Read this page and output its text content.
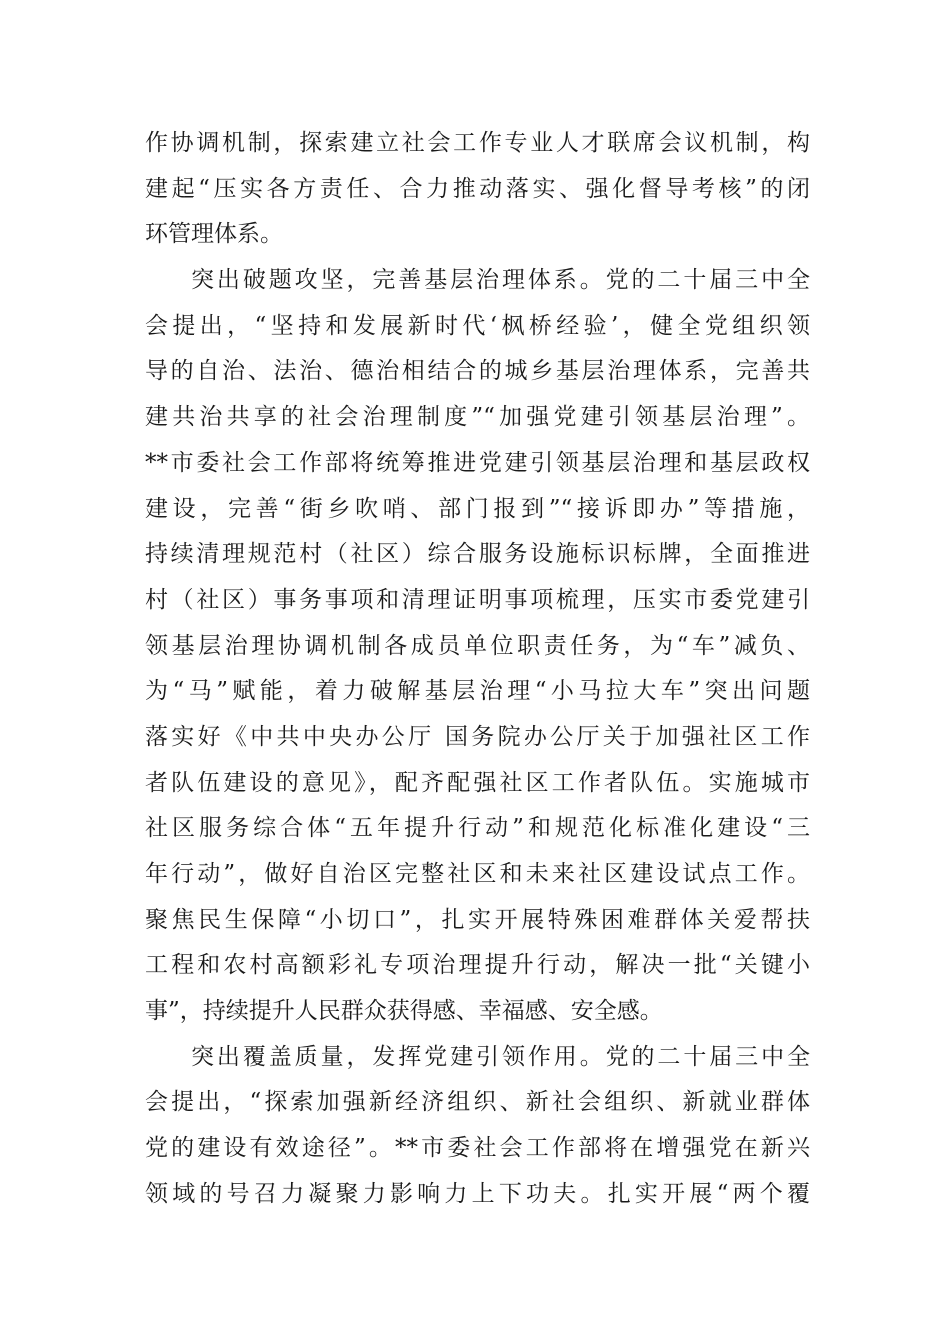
作协调机制，探索建立社会工作专业人才联席会议机制，构
建起“压实各方责任、合力推动落实、强化督导考核”的闭
环管理体系。
突出破题攻坚，完善基层治理体系。党的二十届三中全
会提出，“坚持和发展新时代‘枫桥经验’，健全党组织领
导的自治、法治、德治相结合的城乡基层治理体系，完善共
建共治共享的社会治理制度”“加强党建引领基层治理”。
**市委社会工作部将统筹推进党建引领基层治理和基层政权
建设，完善“街乡吹哨、部门报到”“接诉即办”等措施，
持续清理规范村（社区）综合服务设施标识标牌，全面推进
村（社区）事务事项和清理证明事项梳理，压实市委党建引
领基层治理协调机制各成员单位职责任务，为“车”减负、
为“马”赋能，着力破解基层治理“小马拉大车”突出问题
落实好《中共中央办公厅 国务院办公厅关于加强社区工作
者队伍建设的意见》，配齐配强社区工作者队伍。实施城市
社区服务综合体“五年提升行动”和规范化标准化建设“三
年行动”，做好自治区完整社区和未来社区建设试点工作。
聚焦民生保障“小切口”，扎实开展特殊困难群体关爱帮扶
工程和农村高额彩礼专项治理提升行动，解决一批“关键小
事”，持续提升人民群众获得感、幸福感、安全感。
突出覆盖质量，发挥党建引领作用。党的二十届三中全
会提出，“探索加强新经济组织、新社会组织、新就业群体
党的建设有效途径”。**市委社会工作部将在增强党在新兴
领域的号召力凝聚力影响力上下功夫。扎实开展“两个覆
